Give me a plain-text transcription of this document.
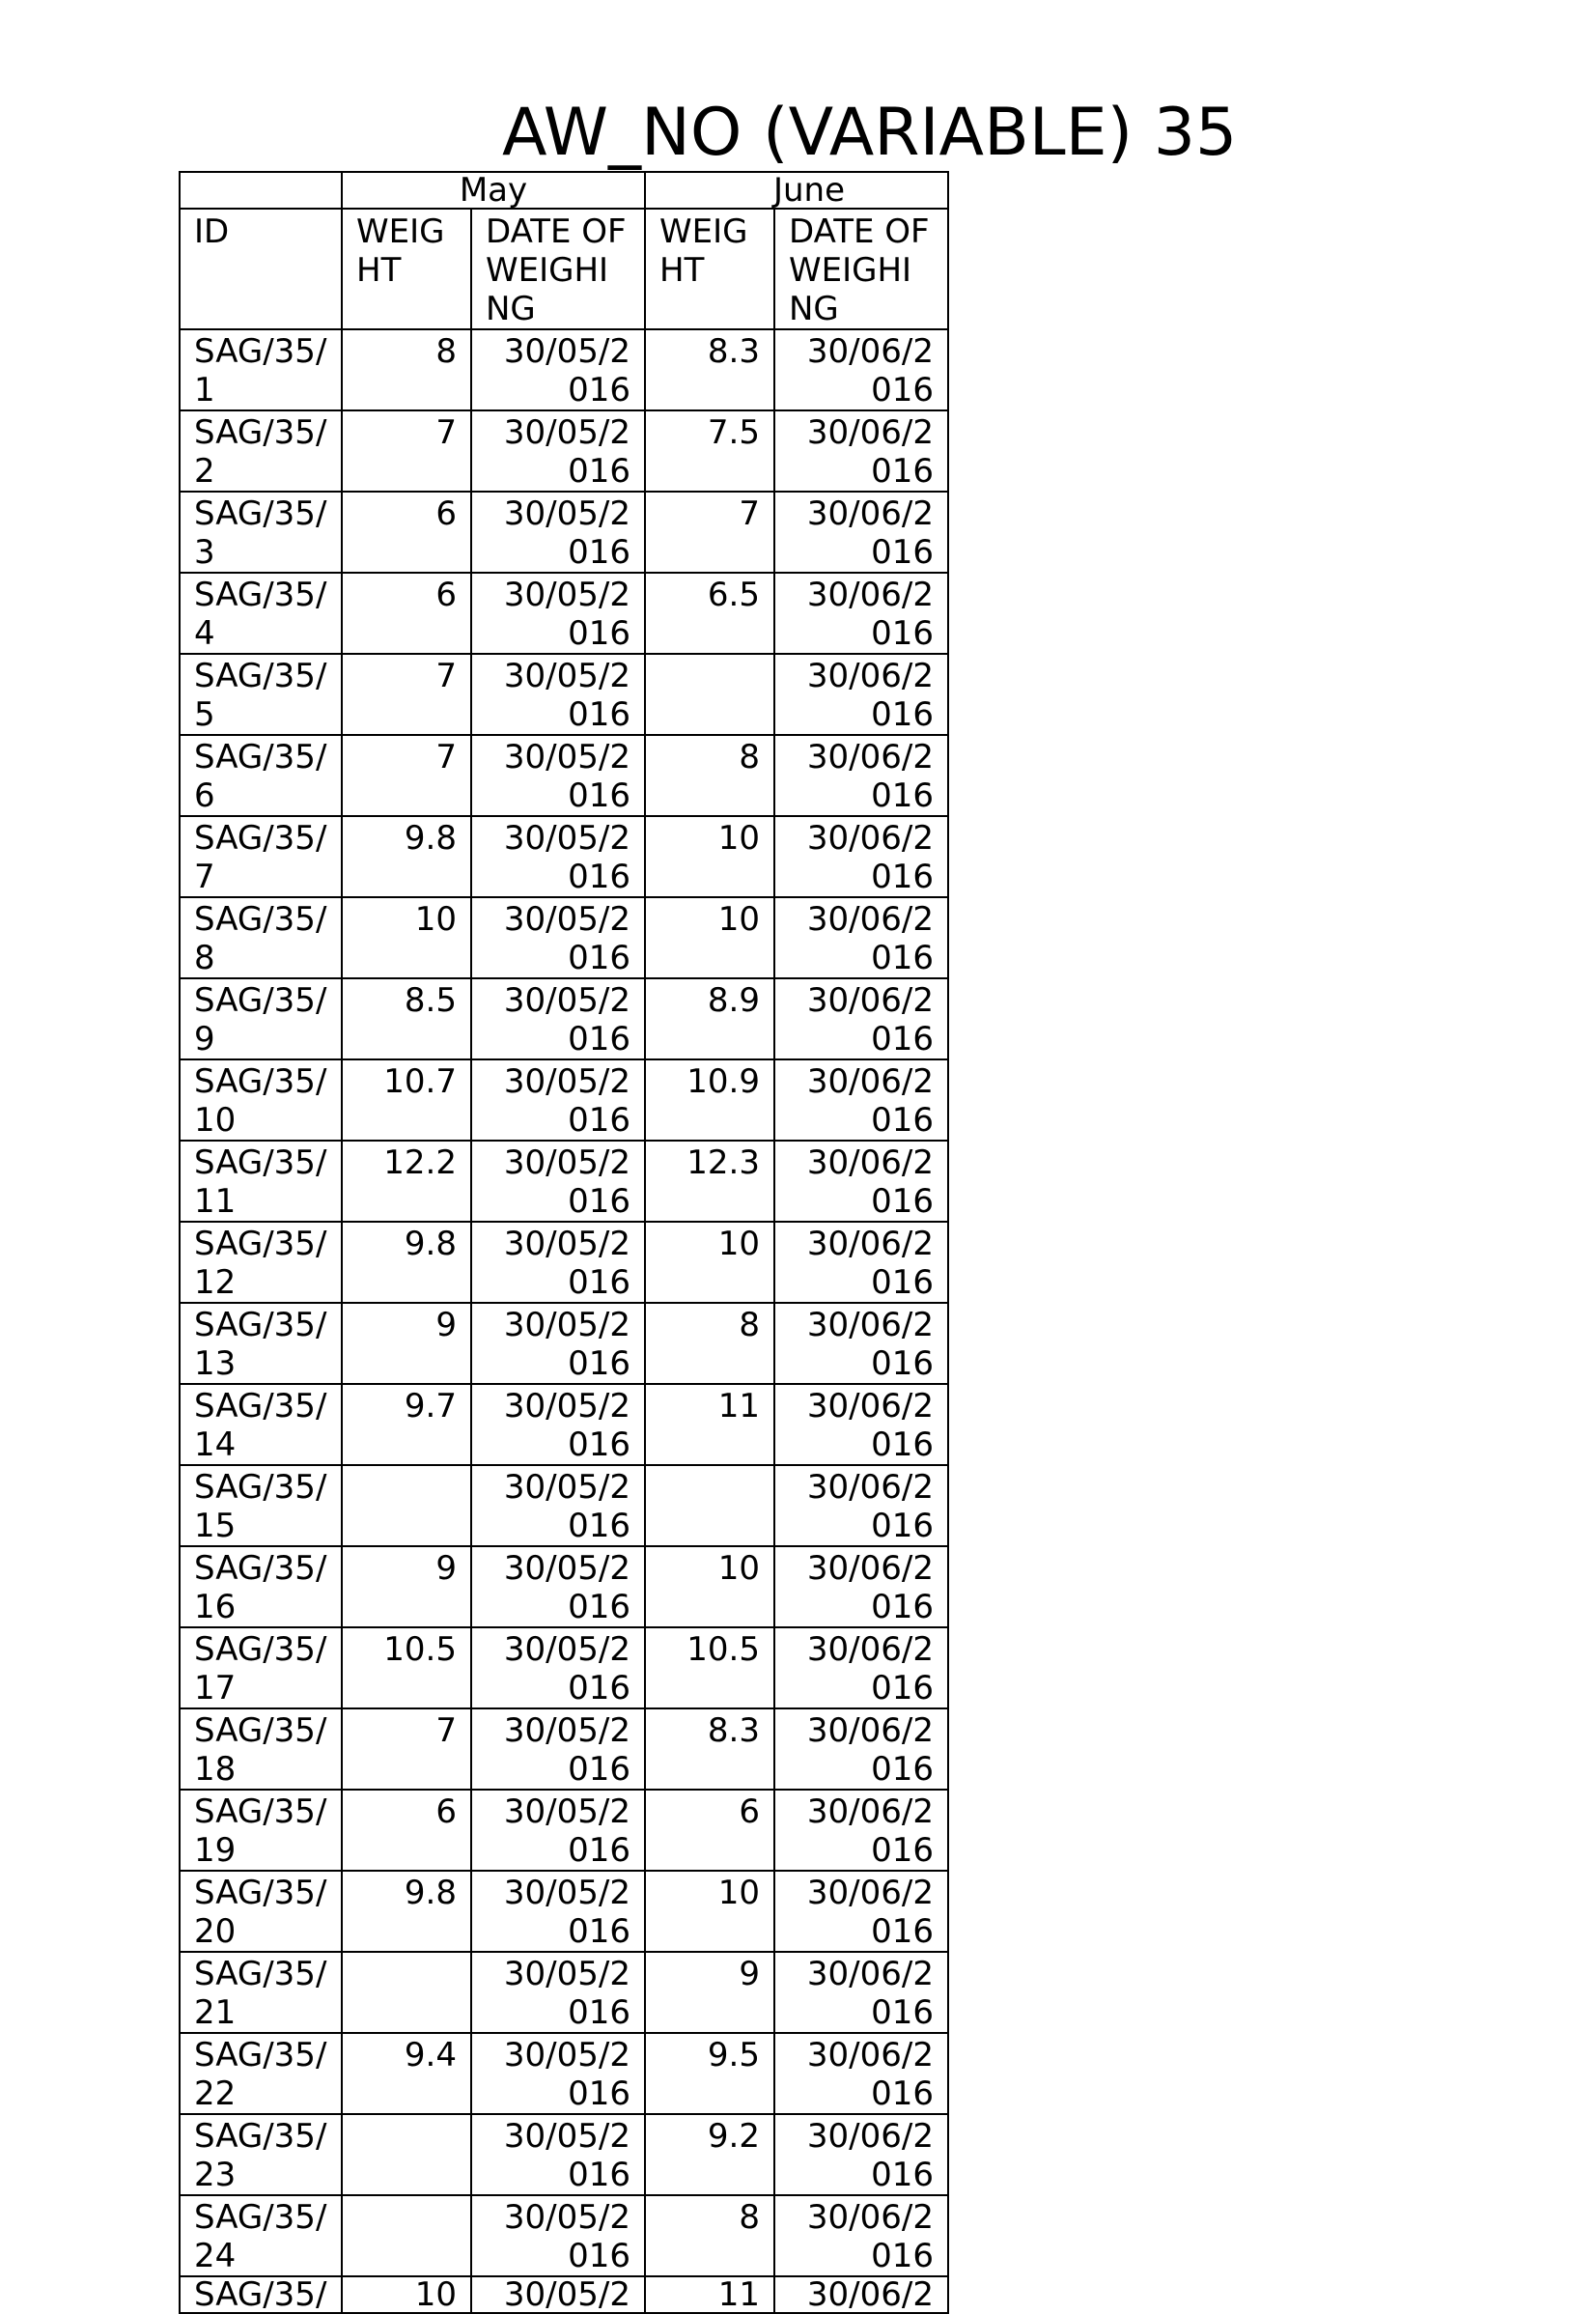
AW_NO (VARIABLE) 35
	May		June	
ID	WEIG HT	DATE OF WEIGHI NG	WEIG HT	DATE OF WEIGHI NG
SAG/35/ 1	8	30/05/2 016	8.3	30/06/2 016
SAG/35/ 2	7	30/05/2 016	7.5	30/06/2 016
SAG/35/ 3	6	30/05/2 016	7	30/06/2 016
SAG/35/ 4	6	30/05/2 016	6.5	30/06/2 016
SAG/35/ 5	7	30/05/2 016		30/06/2 016
SAG/35/ 6	7	30/05/2 016	8	30/06/2 016
SAG/35/ 7	9.8	30/05/2 016	10	30/06/2 016
SAG/35/ 8	10	30/05/2 016	10	30/06/2 016
SAG/35/ 9	8.5	30/05/2 016	8.9	30/06/2 016
SAG/35/ 10	10.7	30/05/2 016	10.9	30/06/2 016
SAG/35/ 11	12.2	30/05/2 016	12.3	30/06/2 016
SAG/35/ 12	9.8	30/05/2 016	10	30/06/2 016
SAG/35/ 13	9	30/05/2 016	8	30/06/2 016
SAG/35/ 14	9.7	30/05/2 016	11	30/06/2 016
SAG/35/ 15		30/05/2 016		30/06/2 016
SAG/35/ 16	9	30/05/2 016	10	30/06/2 016
SAG/35/ 17	10.5	30/05/2 016	10.5	30/06/2 016
SAG/35/ 18	7	30/05/2 016	8.3	30/06/2 016
SAG/35/ 19	6	30/05/2 016	6	30/06/2 016
SAG/35/ 20	9.8	30/05/2 016	10	30/06/2 016
SAG/35/ 21		30/05/2 016	9	30/06/2 016
SAG/35/ 22	9.4	30/05/2 016	9.5	30/06/2 016
SAG/35/ 23		30/05/2 016	9.2	30/06/2 016
SAG/35/ 24		30/05/2 016	8	30/06/2 016
SAG/35/	10	30/05/2	11	30/06/2
